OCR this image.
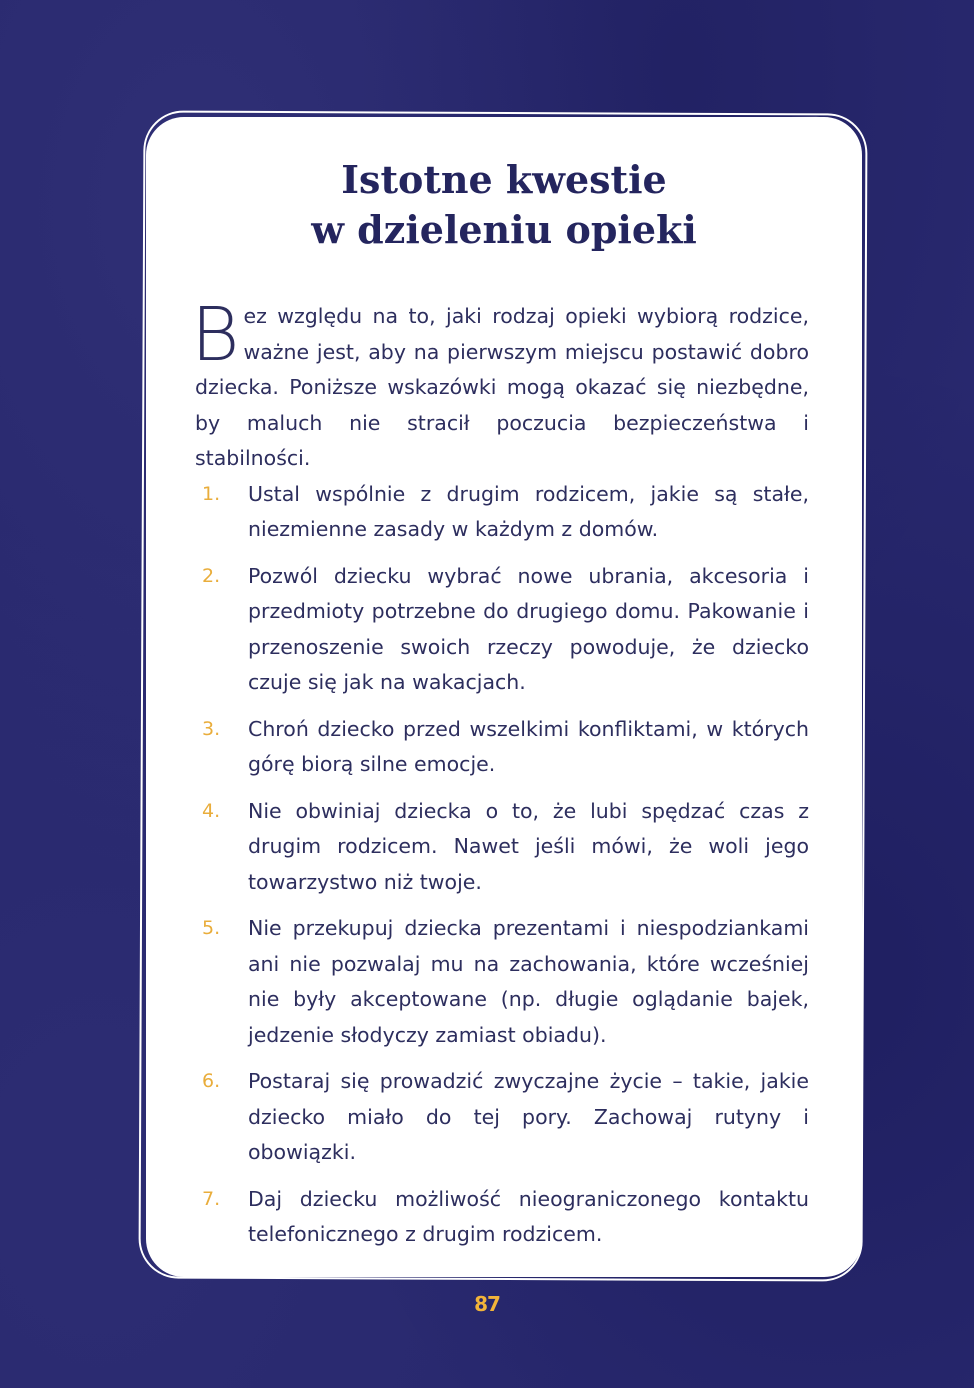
Istotne kwestie
w dzieleniu opieki

Bez względu na to, jaki rodzaj opieki wybiorą rodzice, ważne jest, aby na pierwszym miejscu postawić dobro dziecka. Poniższe wskazówki mogą okazać się niezbędne, by maluch nie stracił poczucia bezpieczeństwa i stabilności.

1. Ustal wspólnie z drugim rodzicem, jakie są stałe, niezmienne zasady w każdym z domów.
2. Pozwól dziecku wybrać nowe ubrania, akcesoria i przedmioty potrzebne do drugiego domu. Pakowanie i przenoszenie swoich rzeczy powoduje, że dziecko czuje się jak na wakacjach.
3. Chroń dziecko przed wszelkimi konfliktami, w których górę biorą silne emocje.
4. Nie obwiniaj dziecka o to, że lubi spędzać czas z drugim rodzicem. Nawet jeśli mówi, że woli jego towarzystwo niż twoje.
5. Nie przekupuj dziecka prezentami i niespodziankami ani nie pozwalaj mu na zachowania, które wcześniej nie były akceptowane (np. długie oglądanie bajek, jedzenie słodyczy zamiast obiadu).
6. Postaraj się prowadzić zwyczajne życie – takie, jakie dziecko miało do tej pory. Zachowaj rutyny i obowiązki.
7. Daj dziecku możliwość nieograniczonego kontaktu telefonicznego z drugim rodzicem.
87
